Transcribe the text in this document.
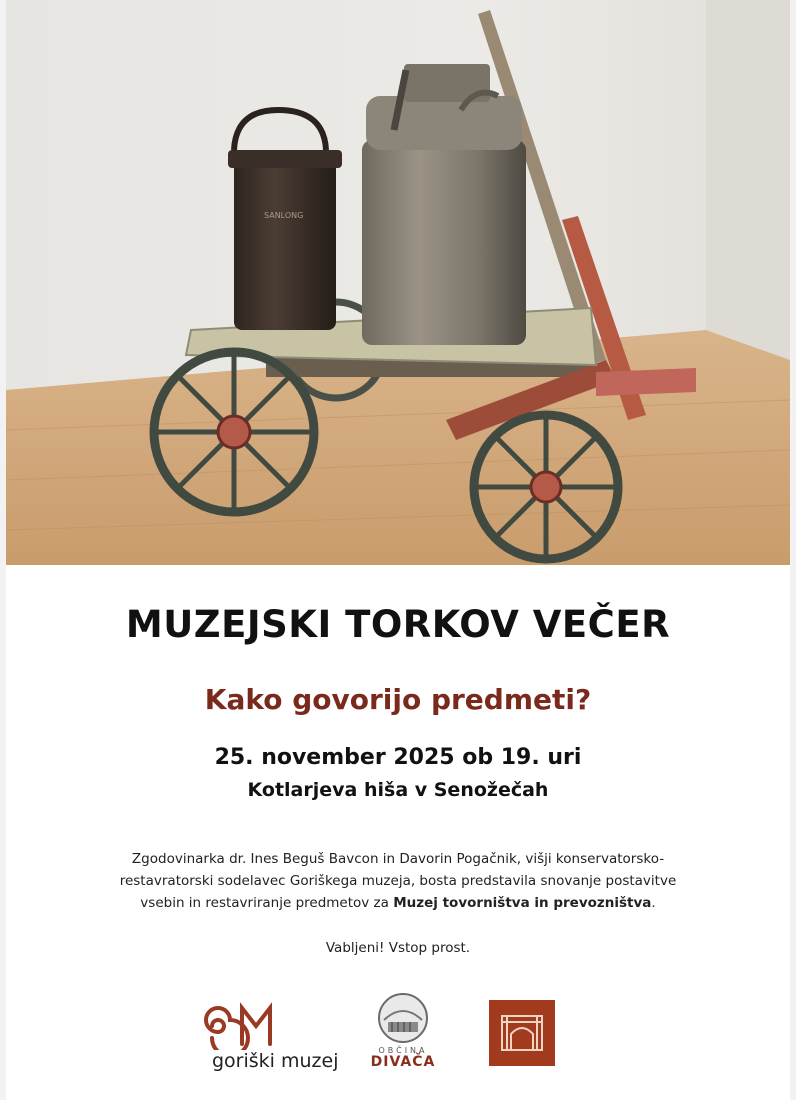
SANLONG
MUZEJSKI TORKOV VEČER
Kako govorijo predmeti?
25. november 2025 ob 19. uri
Kotlarjeva hiša v Senožečah
Zgodovinarka dr. Ines Beguš Bavcon in Davorin Pogačnik, višji konservatorsko-restavratorski sodelavec Goriškega muzeja, bosta predstavila snovanje postavitve vsebin in restavriranje predmetov za Muzej tovorništva in prevozništva.
Vabljeni! Vstop prost.
goriški muzej	OBČINA
DIVAČA
